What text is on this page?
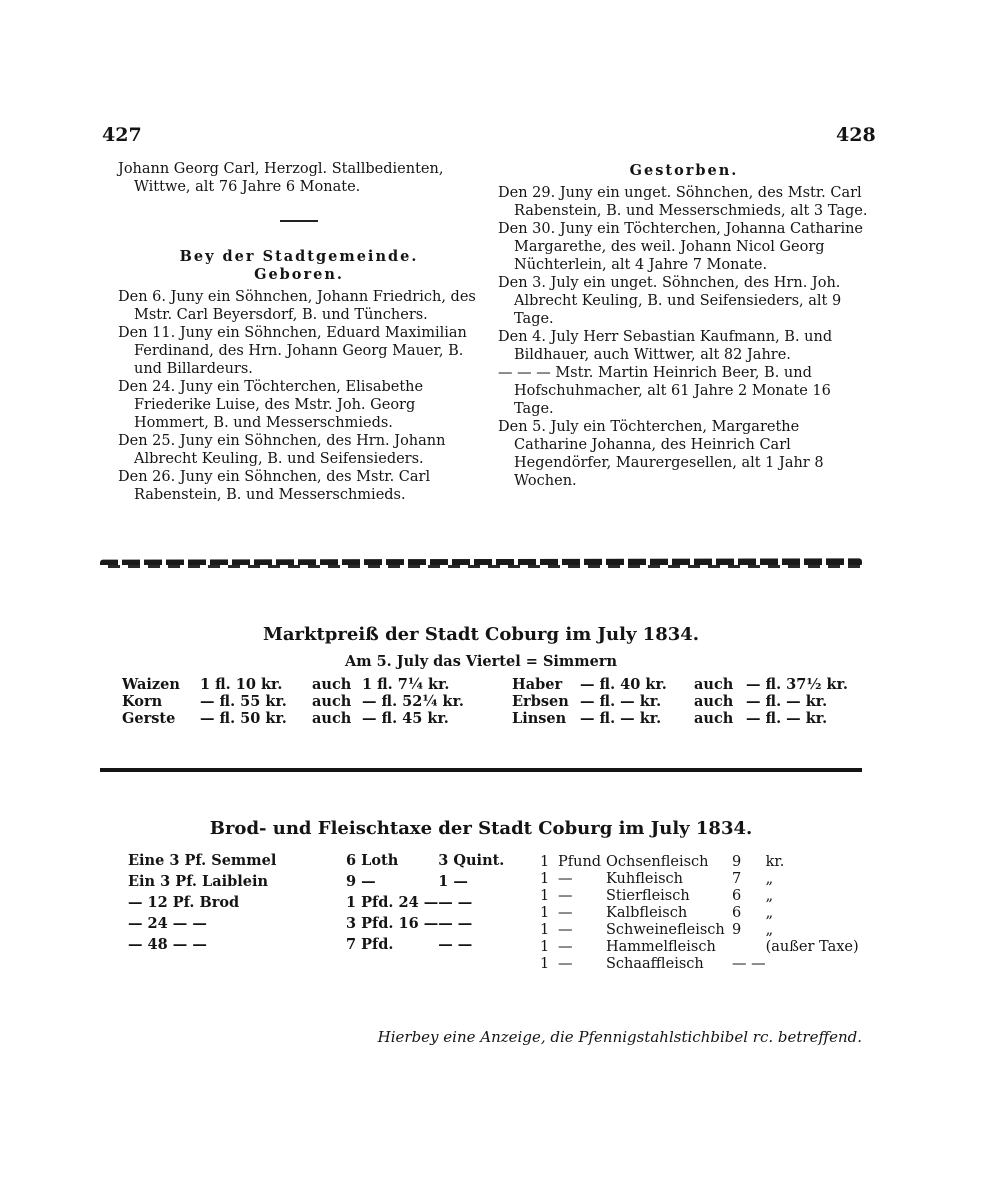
427	428

Johann Georg Carl, Herzogl. Stallbedienten, Wittwe, alt 76 Jahre 6 Monate.

Bey der Stadtgemeinde.

Geboren.

Den 6. Juny ein Söhnchen, Johann Friedrich, des Mstr. Carl Beyersdorf, B. und Tünchers.

Den 11. Juny ein Söhnchen, Eduard Maximilian Ferdinand, des Hrn. Johann Georg Mauer, B. und Billardeurs.

Den 24. Juny ein Töchterchen, Elisabethe Friederike Luise, des Mstr. Joh. Georg Hommert, B. und Messerschmieds.

Den 25. Juny ein Söhnchen, des Hrn. Johann Albrecht Keuling, B. und Seifensieders.

Den 26. Juny ein Söhnchen, des Mstr. Carl Rabenstein, B. und Messerschmieds.

Gestorben.

Den 29. Juny ein unget. Söhnchen, des Mstr. Carl Rabenstein, B. und Messerschmieds, alt 3 Tage.

Den 30. Juny ein Töchterchen, Johanna Catharine Margarethe, des weil. Johann Nicol Georg Nüchterlein, alt 4 Jahre 7 Monate.

Den 3. July ein unget. Söhnchen, des Hrn. Joh. Albrecht Keuling, B. und Seifensieders, alt 9 Tage.

Den 4. July Herr Sebastian Kaufmann, B. und Bildhauer, auch Wittwer, alt 82 Jahre.

— — — Mstr. Martin Heinrich Beer, B. und Hofschuhmacher, alt 61 Jahre 2 Monate 16 Tage.

Den 5. July ein Töchterchen, Margarethe Catharine Johanna, des Heinrich Carl Hegendörfer, Maurergesellen, alt 1 Jahr 8 Wochen.

Marktpreiß der Stadt Coburg im July 1834.
Am 5. July das Viertel = Simmern
Waizen	1 fl. 10 kr.	auch	1 fl. 7¼ kr.
Korn	— fl. 55 kr.	auch	— fl. 52¼ kr.
Gerste	— fl. 50 kr.	auch	— fl. 45 kr.
Haber	— fl. 40 kr.	auch	— fl. 37½ kr.
Erbsen	— fl. — kr.	auch	— fl. — kr.
Linsen	— fl. — kr.	auch	— fl. — kr.
Brod- und Fleischtaxe der Stadt Coburg im July 1834.
Eine 3 Pf. Semmel	6 Loth	3 Quint.
Ein 3 Pf. Laiblein	9 —	1 —
— 12 Pf. Brod	1 Pfd. 24 —	— —
— 24 — —	3 Pfd. 16 —	— —
— 48 — —	7 Pfd.	— —
1	Pfund	Ochsenfleisch	9	kr.
1	—	Kuhfleisch	7	„
1	—	Stierfleisch	6	„
1	—	Kalbfleisch	6	„
1	—	Schweinefleisch	9	„
1	—	Hammelfleisch		(außer Taxe)
1	—	Schaaffleisch	— —	
Hierbey eine Anzeige, die Pfennigstahlstichbibel rc. betreffend.
